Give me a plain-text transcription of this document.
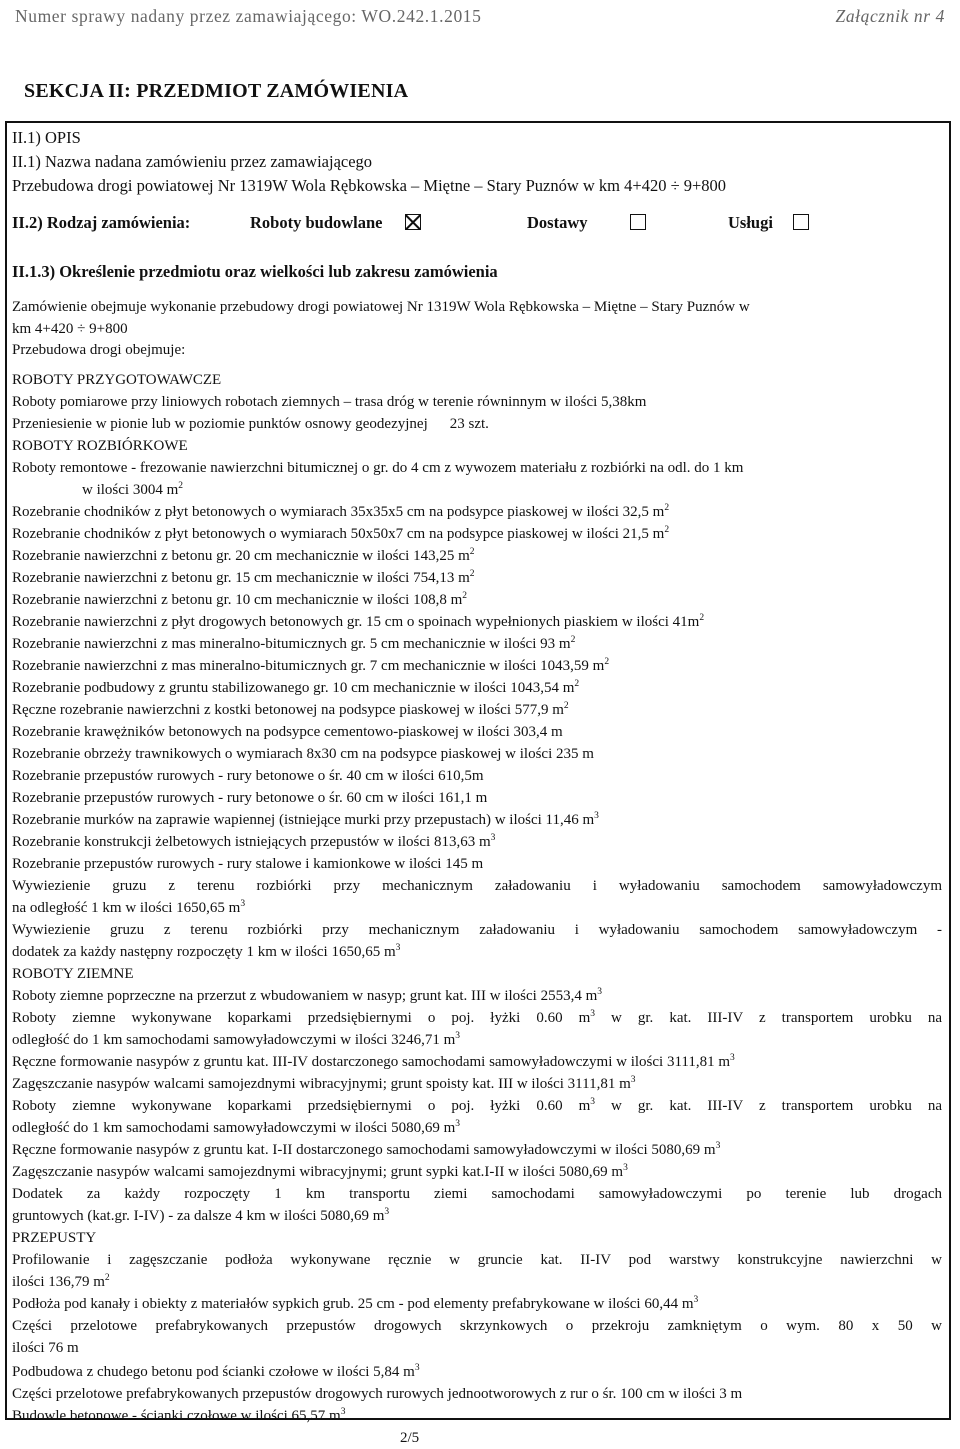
Numer sprawy nadany przez zamawiającego: WO.242.1.2015	Załącznik nr 4
SEKCJA II: PRZEDMIOT ZAMÓWIENIA
II.1) OPIS
II.1) Nazwa nadana zamówieniu przez zamawiającego
Przebudowa drogi powiatowej Nr 1319W Wola Rębkowska – Miętne – Stary Puznów w km 4+420 ÷ 9+800
II.2) Rodzaj zamówienia:	Roboty budowlane	Dostawy	Usługi
II.1.3) Określenie przedmiotu oraz wielkości lub zakresu zamówienia
Zamówienie obejmuje wykonanie przebudowy drogi powiatowej Nr 1319W Wola Rębkowska – Miętne – Stary Puznów w
km 4+420 ÷ 9+800
Przebudowa drogi obejmuje:
ROBOTY PRZYGOTOWAWCZE
Roboty pomiarowe przy liniowych robotach ziemnych – trasa dróg w terenie równinnym w ilości 5,38km
Przeniesienie w pionie lub w poziomie punktów osnowy geodezyjnej 23 szt.
ROBOTY ROZBIÓRKOWE
Roboty remontowe - frezowanie nawierzchni bitumicznej o gr. do 4 cm z wywozem materiału z rozbiórki na odl. do 1 km
w ilości 3004 $m^2$
Rozebranie chodników z płyt betonowych o wymiarach 35x35x5 cm na podsypce piaskowej w ilości 32,5 $m^2$
Rozebranie chodników z płyt betonowych o wymiarach 50x50x7 cm na podsypce piaskowej w ilości 21,5 $m^2$
Rozebranie nawierzchni z betonu gr. 20 cm mechanicznie w ilości 143,25 $m^2$
Rozebranie nawierzchni z betonu gr. 15 cm mechanicznie w ilości 754,13 $m^2$
Rozebranie nawierzchni z betonu gr. 10 cm mechanicznie w ilości 108,8 $m^2$
Rozebranie nawierzchni z płyt drogowych betonowych gr. 15 cm o spoinach wypełnionych piaskiem w ilości $41m^2$
Rozebranie nawierzchni z mas mineralno-bitumicznych gr. 5 cm mechanicznie w ilości 93 $m^2$
Rozebranie nawierzchni z mas mineralno-bitumicznych gr. 7 cm mechanicznie w ilości 1043,59 $m^2$
Rozebranie podbudowy z gruntu stabilizowanego gr. 10 cm mechanicznie w ilości 1043,54 $m^2$
Ręczne rozebranie nawierzchni z kostki betonowej na podsypce piaskowej w ilości 577,9 $m^2$
Rozebranie krawężników betonowych na podsypce cementowo-piaskowej w ilości 303,4 m
Rozebranie obrzeży trawnikowych o wymiarach 8x30 cm na podsypce piaskowej w ilości 235 m
Rozebranie przepustów rurowych - rury betonowe o śr. 40 cm w ilości 610,5m
Rozebranie przepustów rurowych - rury betonowe o śr. 60 cm w ilości 161,1 m
Rozebranie murków na zaprawie wapiennej (istniejące murki przy przepustach) w ilości 11,46 $m^3$
Rozebranie konstrukcji żelbetowych istniejących przepustów w ilości 813,63 $m^3$
Rozebranie przepustów rurowych - rury stalowe i kamionkowe w ilości 145 m
Wywiezienie gruzu z terenu rozbiórki przy mechanicznym załadowaniu i wyładowaniu samochodem samowyładowczym
na odległość 1 km w ilości 1650,65 $m^3$
Wywiezienie gruzu z terenu rozbiórki przy mechanicznym załadowaniu i wyładowaniu samochodem samowyładowczym -
dodatek za każdy następny rozpoczęty 1 km w ilości 1650,65 $m^3$
ROBOTY ZIEMNE
Roboty ziemne poprzeczne na przerzut z wbudowaniem w nasyp; grunt kat. III w ilości 2553,4 $m^3$
Roboty ziemne wykonywane koparkami przedsiębiernymi o poj. łyżki 0.60 $m^3$ w gr. kat. III-IV z transportem urobku na
odległość do 1 km samochodami samowyładowczymi w ilości 3246,71 $m^3$
Ręczne formowanie nasypów z gruntu kat. III-IV dostarczonego samochodami samowyładowczymi w ilości 3111,81 $m^3$
Zagęszczanie nasypów walcami samojezdnymi wibracyjnymi; grunt spoisty kat. III w ilości 3111,81 $m^3$
Roboty ziemne wykonywane koparkami przedsiębiernymi o poj. łyżki 0.60 $m^3$ w gr. kat. III-IV z transportem urobku na
odległość do 1 km samochodami samowyładowczymi w ilości 5080,69 $m^3$
Ręczne formowanie nasypów z gruntu kat. I-II dostarczonego samochodami samowyładowczymi w ilości 5080,69 $m^3$
Zagęszczanie nasypów walcami samojezdnymi wibracyjnymi; grunt sypki kat.I-II w ilości 5080,69 $m^3$
Dodatek za każdy rozpoczęty 1 km transportu ziemi samochodami samowyładowczymi po terenie lub drogach
gruntowych (kat.gr. I-IV) - za dalsze 4 km w ilości 5080,69 $m^3$
PRZEPUSTY
Profilowanie i zagęszczanie podłoża wykonywane ręcznie w gruncie kat. II-IV pod warstwy konstrukcyjne nawierzchni w
ilości 136,79 $m^2$
Podłoża pod kanały i obiekty z materiałów sypkich grub. 25 cm - pod elementy prefabrykowane w ilości 60,44 $m^3$
Części przelotowe prefabrykowanych przepustów drogowych skrzynkowych o przekroju zamkniętym o wym. 80 x 50 w
ilości 76 m
Podbudowa z chudego betonu pod ścianki czołowe w ilości 5,84 $m^3$
Części przelotowe prefabrykowanych przepustów drogowych rurowych jednootworowych z rur o śr. 100 cm w ilości 3 m
Budowle betonowe - ścianki czołowe w ilości 65,57 $m^3$
2/5
